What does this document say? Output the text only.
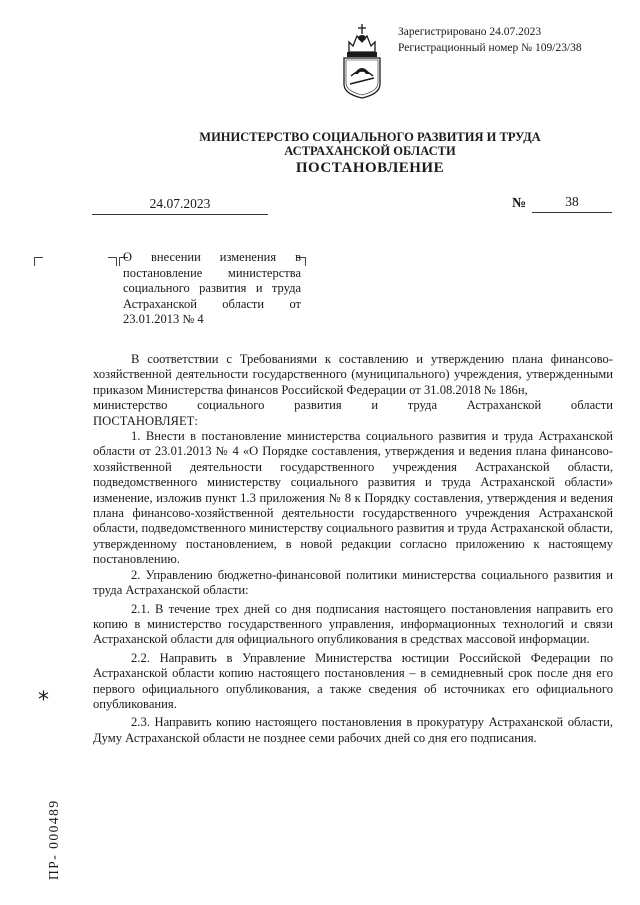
Зарегистрировано 24.07.2023
Регистрационный номер № 109/23/38
МИНИСТЕРСТВО СОЦИАЛЬНОГО РАЗВИТИЯ И ТРУДА
АСТРАХАНСКОЙ ОБЛАСТИ
ПОСТАНОВЛЕНИЕ
24.07.2023	№	38
О внесении изменения в постановление министерства социального развития и труда Астраханской области от 23.01.2013 № 4

В соответствии с Требованиями к составлению и утверждению плана финансово-хозяйственной деятельности государственного (муниципального) учреждения, утвержденными приказом Министерства финансов Российской Федерации от 31.08.2018 № 186н,

министерство социального развития и труда Астраханской области

ПОСТАНОВЛЯЕТ:

1. Внести в постановление министерства социального развития и труда Астраханской области от 23.01.2013 № 4 «О Порядке составления, утверждения и ведения плана финансово-хозяйственной деятельности государственного учреждения Астраханской области, подведомственного министерству социального развития и труда Астраханской области» изменение, изложив пункт 1.3 приложения № 8 к Порядку составления, утверждения и ведения плана финансово-хозяйственной деятельности государственного учреждения Астраханской области, подведомственного министерству социального развития и труда Астраханской области, утвержденному постановлением, в новой редакции согласно приложению к настоящему постановлению.

2. Управлению бюджетно-финансовой политики министерства социального развития и труда Астраханской области:

2.1. В течение трех дней со дня подписания настоящего постановления направить его копию в министерство государственного управления, информационных технологий и связи Астраханской области для официального опубликования в средствах массовой информации.

2.2. Направить в Управление Министерства юстиции Российской Федерации по Астраханской области копию настоящего постановления – в семидневный срок после дня его первого официального опубликования, а также сведения об источниках его официального опубликования.

2.3. Направить копию настоящего постановления в прокуратуру Астраханской области, Думу Астраханской области не позднее семи рабочих дней со дня его подписания.

*
ПР- 000489
